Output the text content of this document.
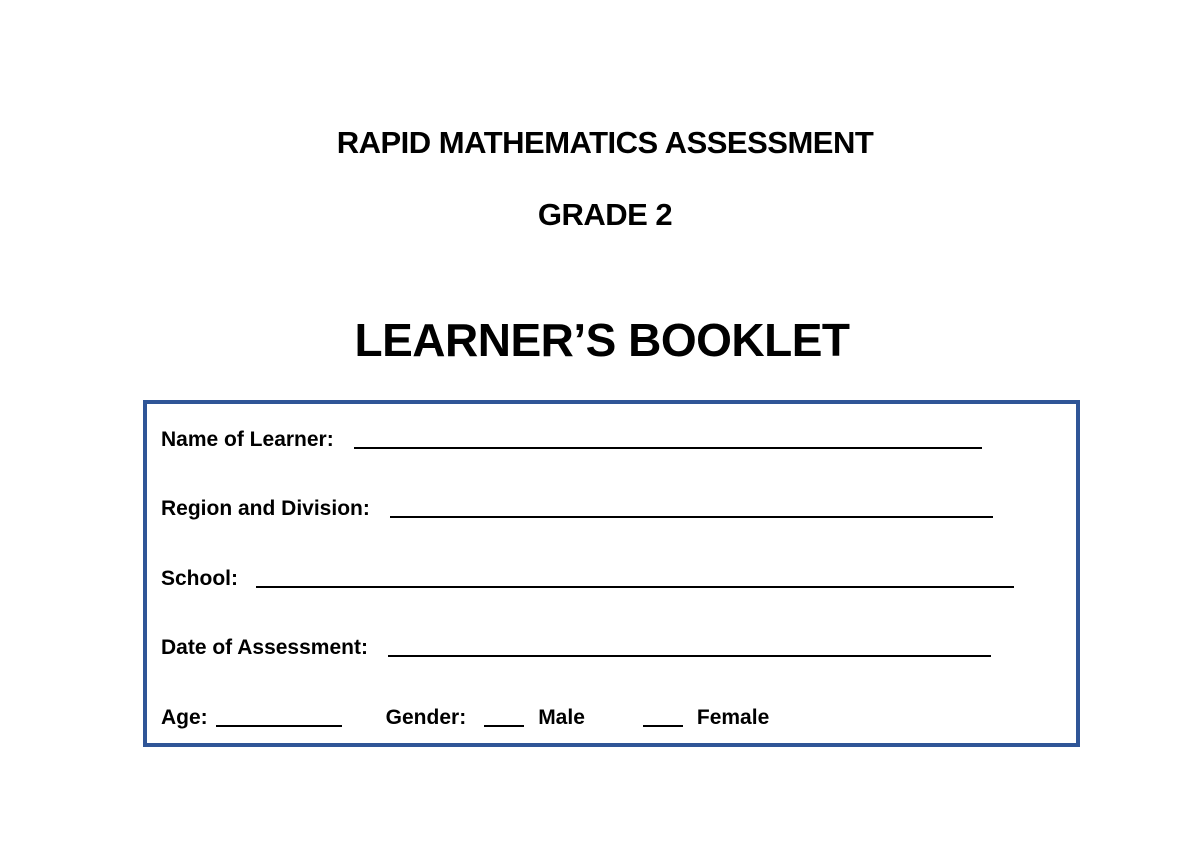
RAPID MATHEMATICS ASSESSMENT
GRADE 2
LEARNER’S BOOKLET
Name of Learner:
Region and Division:
School:
Date of Assessment:
Age:	Gender:	Male	Female
